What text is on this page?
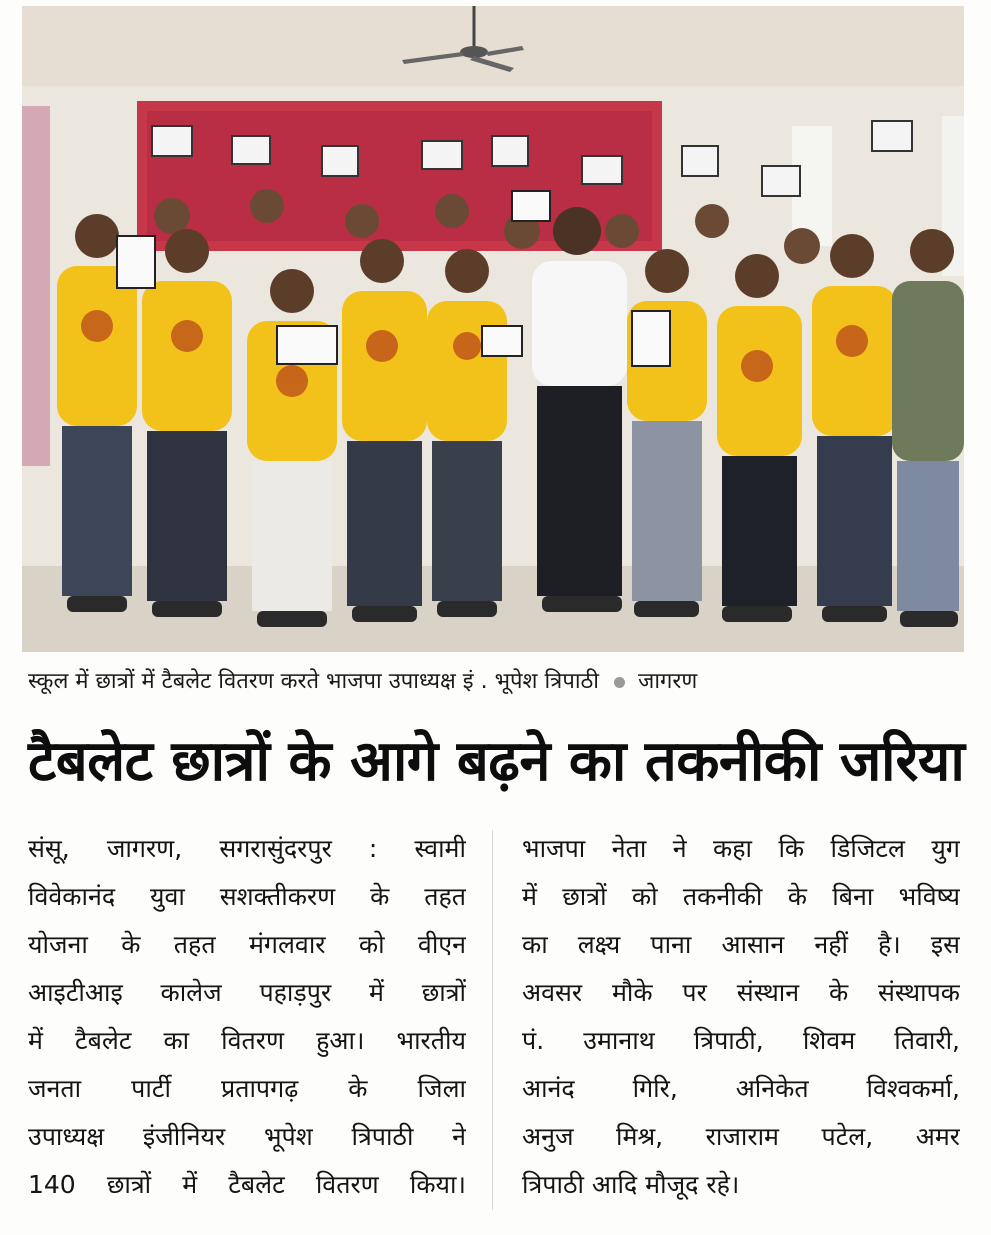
स्कूल में छात्रों में टैबलेट वितरण करते भाजपा उपाध्यक्ष इं . भूपेश त्रिपाठी जागरण
टैबलेट छात्रों के आगे बढ़ने का तकनीकी जरिया
संसू, जागरण, सगरासुंदरपुर : स्वामी
विवेकानंद युवा सशक्तीकरण के तहत
योजना के तहत मंगलवार को वीएन
आइटीआइ कालेज पहाड़पुर में छात्रों
में टैबलेट का वितरण हुआ। भारतीय
जनता पार्टी प्रतापगढ़ के जिला
उपाध्यक्ष इंजीनियर भूपेश त्रिपाठी ने
140 छात्रों में टैबलेट वितरण किया।
भाजपा नेता ने कहा कि डिजिटल युग
में छात्रों को तकनीकी के बिना भविष्य
का लक्ष्य पाना आसान नहीं है। इस
अवसर मौके पर संस्थान के संस्थापक
पं. उमानाथ त्रिपाठी, शिवम तिवारी,
आनंद गिरि, अनिकेत विश्वकर्मा,
अनुज मिश्र, राजाराम पटेल, अमर
त्रिपाठी आदि मौजूद रहे।
